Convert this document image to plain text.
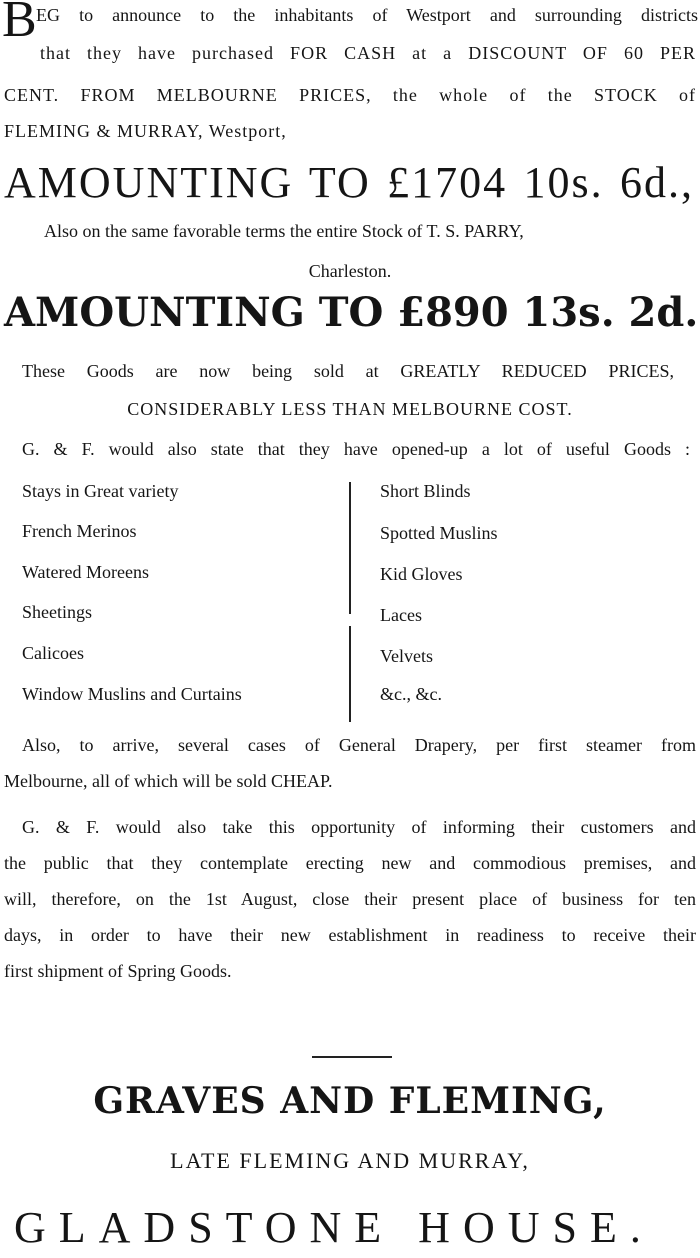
B EG to announce to the inhabitants of Westport and surrounding districts
that they have purchased FOR CASH at a DISCOUNT OF 60 PER
CENT. FROM MELBOURNE PRICES, the whole of the STOCK of
FLEMING & MURRAY, Westport,
AMOUNTING TO £1704 10s. 6d.,
Also on the same favorable terms the entire Stock of T. S. PARRY,
Charleston.
AMOUNTING TO £890 13s. 2d.
These Goods are now being sold at GREATLY REDUCED PRICES,
CONSIDERABLY LESS THAN MELBOURNE COST.
G. & F. would also state that they have opened-up a lot of useful Goods :
Stays in Great variety
French Merinos
Watered Moreens
Sheetings
Calicoes
Window Muslins and Curtains
Short Blinds
Spotted Muslins
Kid Gloves
Laces
Velvets
&c., &c.
Also, to arrive, several cases of General Drapery, per first steamer from
Melbourne, all of which will be sold CHEAP.
G. & F. would also take this opportunity of informing their customers and
the public that they contemplate erecting new and commodious premises, and
will, therefore, on the 1st August, close their present place of business for ten
days, in order to have their new establishment in readiness to receive their
first shipment of Spring Goods.
GRAVES AND FLEMING,
LATE FLEMING AND MURRAY,
GLADSTONE HOUSE.
